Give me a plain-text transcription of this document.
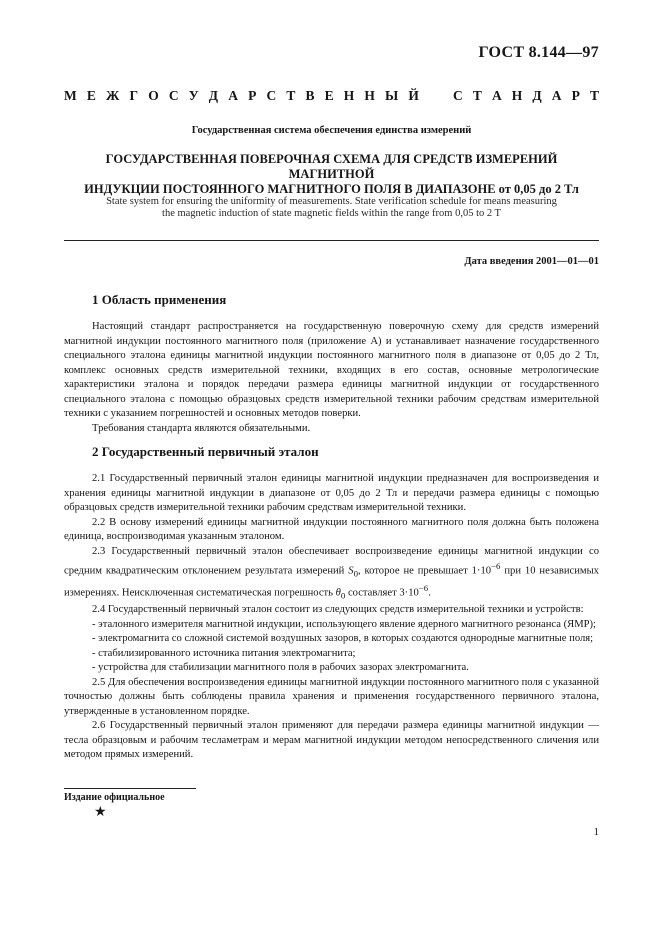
ГОСТ 8.144—97
М Е Ж Г О С У Д А Р С Т В Е Н Н Ы Й	С Т А Н Д А Р Т
Государственная система обеспечения единства измерений
ГОСУДАРСТВЕННАЯ ПОВЕРОЧНАЯ СХЕМА ДЛЯ СРЕДСТВ ИЗМЕРЕНИЙ МАГНИТНОЙ
ИНДУКЦИИ ПОСТОЯННОГО МАГНИТНОГО ПОЛЯ В ДИАПАЗОНЕ от 0,05 до 2 Тл
State system for ensuring the uniformity of measurements. State verification schedule for means measuring
the magnetic induction of state magnetic fields within the range from 0,05 to 2 T
Дата введения 2001—01—01
1 Область применения

Настоящий стандарт распространяется на государственную поверочную схему для средств измерений магнитной индукции постоянного магнитного поля (приложение А) и устанавливает назначение государственного специального эталона единицы магнитной индукции постоянного магнитного поля в диапазоне от 0,05 до 2 Тл, комплекс основных средств измерительной техники, входящих в его состав, основные метрологические характеристики эталона и порядок передачи размера единицы магнитной индукции от государственного специального эталона с помощью образцовых средств измерительной техники рабочим средствам измерительной техники с указанием погрешностей и основных методов поверки.

Требования стандарта являются обязательными.

2 Государственный первичный эталон

2.1 Государственный первичный эталон единицы магнитной индукции предназначен для воспроизведения и хранения единицы магнитной индукции в диапазоне от 0,05 до 2 Тл и передачи размера единицы с помощью образцовых средств измерительной техники рабочим средствам измерительной техники.

2.2 В основу измерений единицы магнитной индукции постоянного магнитного поля должна быть положена единица, воспроизводимая указанным эталоном.

2.3 Государственный первичный эталон обеспечивает воспроизведение единицы магнитной индукции со средним квадратическим отклонением результата измерений $S_0$, которое не превышает $1\cdot 10^{-6}$ при 10 независимых измерениях. Неисключенная систематическая погрешность $\theta_0$ составляет $3\cdot 10^{-6}$.

2.4 Государственный первичный эталон состоит из следующих средств измерительной техники и устройств:

- эталонного измерителя магнитной индукции, использующего явление ядерного магнитного резонанса (ЯМР);

- электромагнита со сложной системой воздушных зазоров, в которых создаются однородные магнитные поля;

- стабилизированного источника питания электромагнита;

- устройства для стабилизации магнитного поля в рабочих зазорах электромагнита.

2.5 Для обеспечения воспроизведения единицы магнитной индукции постоянного магнитного поля с указанной точностью должны быть соблюдены правила хранения и применения государственного первичного эталона, утвержденные в установленном порядке.

2.6 Государственный первичный эталон применяют для передачи размера единицы магнитной индукции — тесла образцовым и рабочим тесламетрам и мерам магнитной индукции методом непосредственного сличения или методом прямых измерений.

Издание официальное
★
1
